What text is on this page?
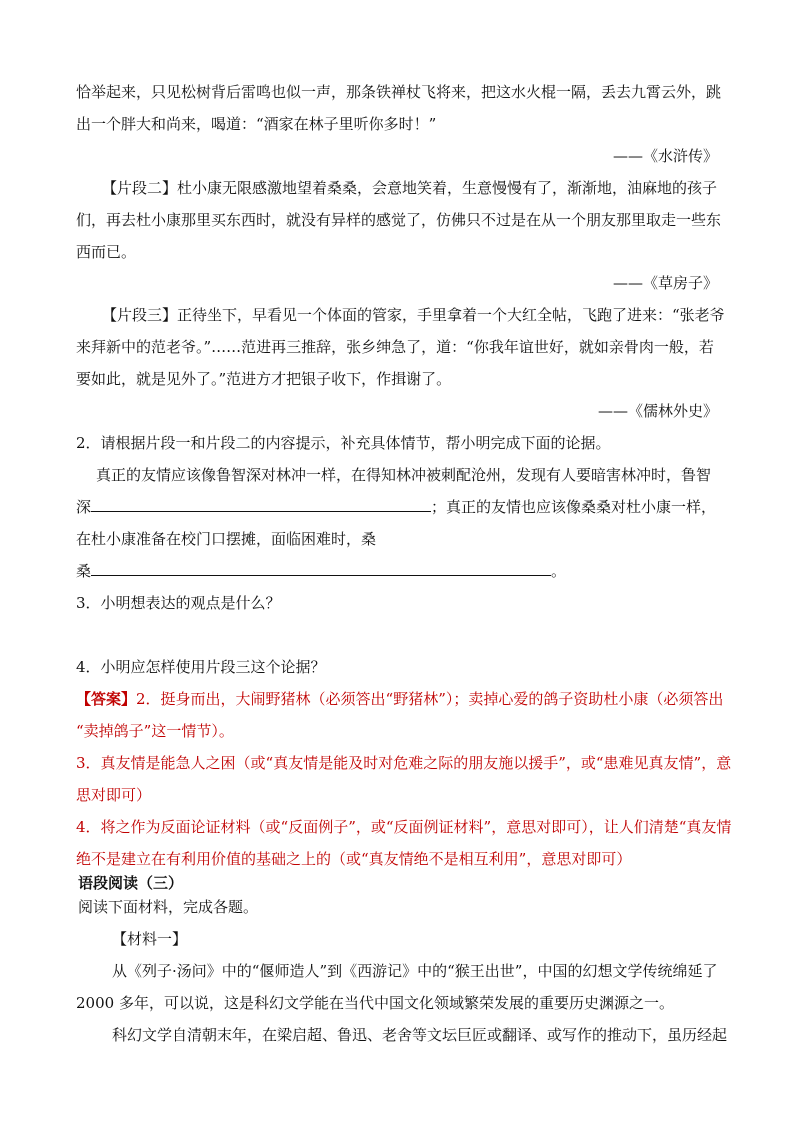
恰举起来，只见松树背后雷鸣也似一声，那条铁禅杖飞将来，把这水火棍一隔，丢去九霄云外，跳
出一个胖大和尚来，喝道：“酒家在林子里听你多时！”
——《水浒传》
【片段二】杜小康无限感激地望着桑桑，会意地笑着，生意慢慢有了，渐渐地，油麻地的孩子
们，再去杜小康那里买东西时，就没有异样的感觉了，仿佛只不过是在从一个朋友那里取走一些东
西而已。
——《草房子》
【片段三】正待坐下，早看见一个体面的管家，手里拿着一个大红全帖，飞跑了进来：“张老爷
来拜新中的范老爷。”……范进再三推辞，张乡绅急了，道：“你我年谊世好，就如亲骨肉一般，若
要如此，就是见外了。”范进方才把银子收下，作揖谢了。
——《儒林外史》
2．请根据片段一和片段二的内容提示，补充具体情节，帮小明完成下面的论据。
真正的友情应该像鲁智深对林冲一样，在得知林冲被刺配沧州，发现有人要暗害林冲时，鲁智
深	；真正的友情也应该像桑桑对杜小康一样，
在杜小康准备在校门口摆摊，面临困难时，桑
桑	。
3．小明想表达的观点是什么？
4．小明应怎样使用片段三这个论据？
【答案】2．挺身而出，大闹野猪林（必须答出“野猪林”）；卖掉心爱的鸽子资助杜小康（必须答出
“卖掉鸽子”这一情节）。
3．真友情是能急人之困（或“真友情是能及时对危难之际的朋友施以援手”，或“患难见真友情”，意
思对即可）
4．将之作为反面论证材料（或“反面例子”，或“反面例证材料”，意思对即可），让人们清楚“真友情
绝不是建立在有利用价值的基础之上的（或“真友情绝不是相互利用”，意思对即可）
语段阅读（三）
阅读下面材料，完成各题。
【材料一】
从《列子·汤问》中的“偃师造人”到《西游记》中的“猴王出世”，中国的幻想文学传统绵延了
2000 多年，可以说，这是科幻文学能在当代中国文化领域繁荣发展的重要历史渊源之一。
科幻文学自清朝末年，在梁启超、鲁迅、老舍等文坛巨匠或翻译、或写作的推动下，虽历经起
